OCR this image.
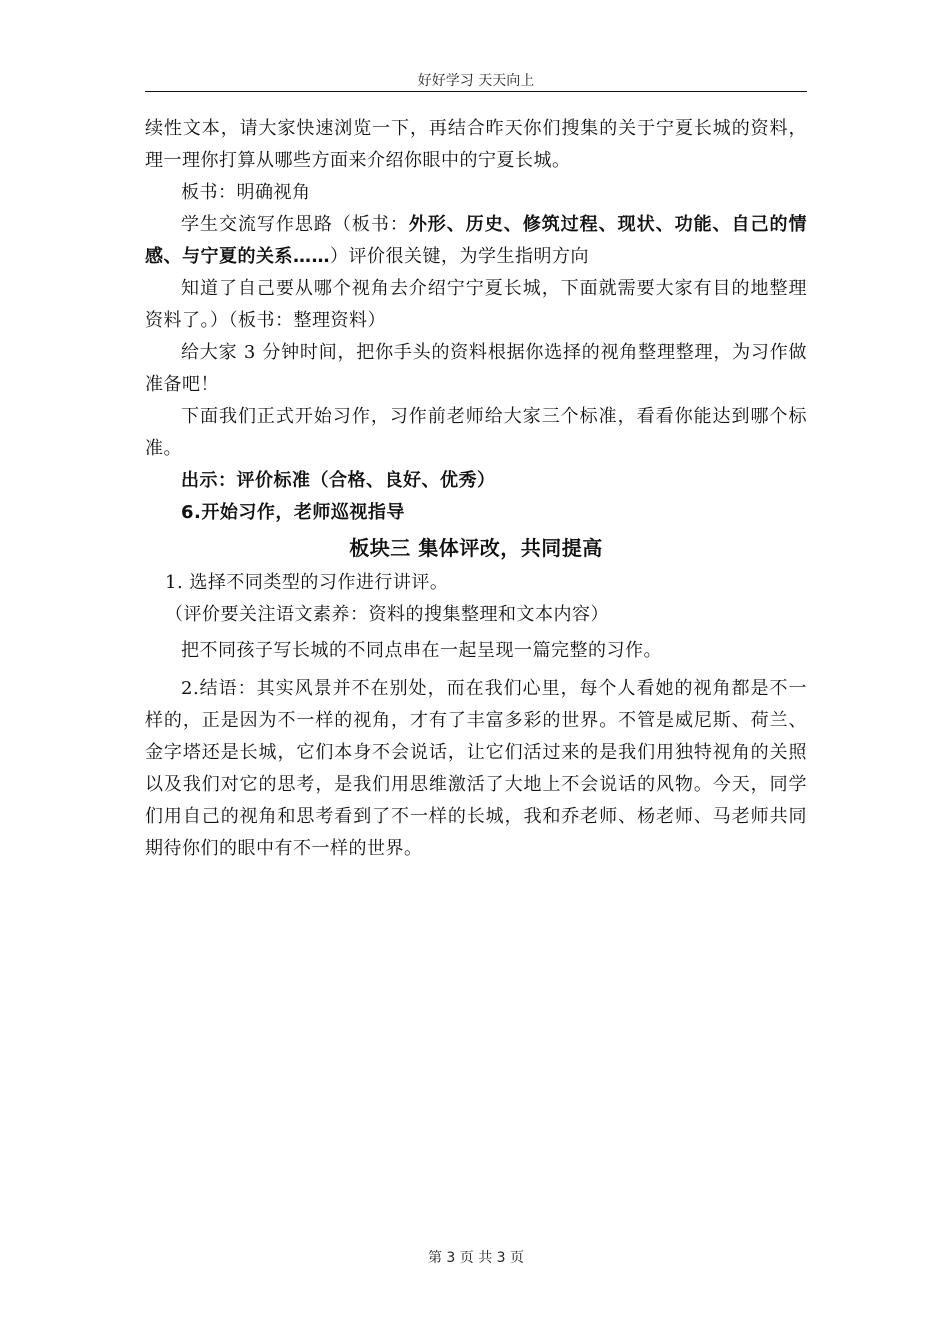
好好学习 天天向上

续性文本，请大家快速浏览一下，再结合昨天你们搜集的关于宁夏长城的资料，理一理你打算从哪些方面来介绍你眼中的宁夏长城。

板书：明确视角

学生交流写作思路（板书：外形、历史、修筑过程、现状、功能、自己的情感、与宁夏的关系……）评价很关键，为学生指明方向

知道了自己要从哪个视角去介绍宁宁夏长城，下面就需要大家有目的地整理资料了。）（板书：整理资料）

给大家 3 分钟时间，把你手头的资料根据你选择的视角整理整理，为习作做准备吧！

下面我们正式开始习作，习作前老师给大家三个标准，看看你能达到哪个标准。

出示：评价标准（合格、良好、优秀）

6.开始习作，老师巡视指导

板块三 集体评改，共同提高

1. 选择不同类型的习作进行讲评。

（评价要关注语文素养：资料的搜集整理和文本内容）

把不同孩子写长城的不同点串在一起呈现一篇完整的习作。

2.结语：其实风景并不在别处，而在我们心里，每个人看她的视角都是不一样的，正是因为不一样的视角，才有了丰富多彩的世界。不管是威尼斯、荷兰、金字塔还是长城，它们本身不会说话，让它们活过来的是我们用独特视角的关照以及我们对它的思考，是我们用思维激活了大地上不会说话的风物。今天，同学们用自己的视角和思考看到了不一样的长城，我和乔老师、杨老师、马老师共同期待你们的眼中有不一样的世界。

第 3 页 共 3 页
